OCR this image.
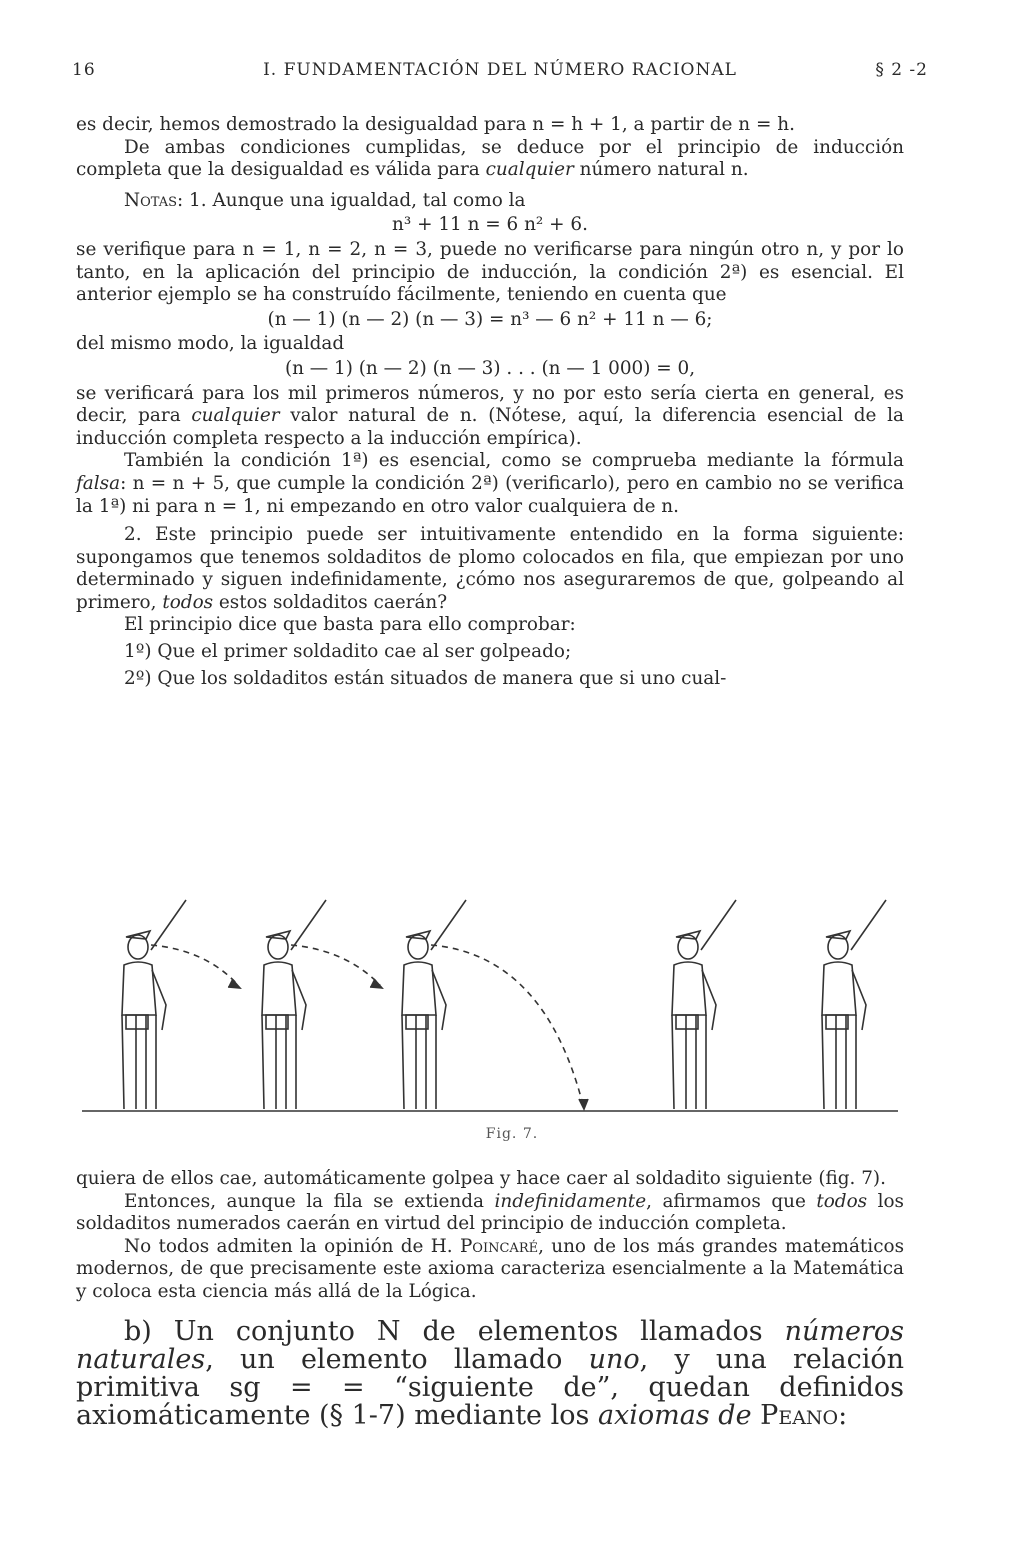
16	I. FUNDAMENTACIÓN DEL NÚMERO RACIONAL	§ 2 -2

es decir, hemos demostrado la desigualdad para n = h + 1, a partir de n = h.

De ambas condiciones cumplidas, se deduce por el principio de inducción completa que la desigualdad es válida para cualquier número natural n.

Notas: 1. Aunque una igualdad, tal como la

n³ + 11 n = 6 n² + 6.

se verifique para n = 1, n = 2, n = 3, puede no verificarse para ningún otro n, y por lo tanto, en la aplicación del principio de inducción, la condición 2ª) es esencial. El anterior ejemplo se ha construído fácilmente, teniendo en cuenta que

(n — 1) (n — 2) (n — 3) = n³ — 6 n² + 11 n — 6;

del mismo modo, la igualdad

(n — 1) (n — 2) (n — 3) . . . (n — 1 000) = 0,

se verificará para los mil primeros números, y no por esto sería cierta en general, es decir, para cualquier valor natural de n. (Nótese, aquí, la diferencia esencial de la inducción completa respecto a la inducción empírica).

También la condición 1ª) es esencial, como se comprueba mediante la fórmula falsa: n = n + 5, que cumple la condición 2ª) (verificarlo), pero en cambio no se verifica la 1ª) ni para n = 1, ni empezando en otro valor cualquiera de n.

2. Este principio puede ser intuitivamente entendido en la forma siguiente: supongamos que tenemos soldaditos de plomo colocados en fila, que empiezan por uno determinado y siguen indefinidamente, ¿cómo nos aseguraremos de que, golpeando al primero, todos estos soldaditos caerán?

El principio dice que basta para ello comprobar:

1º) Que el primer soldadito cae al ser golpeado;

2º) Que los soldaditos están situados de manera que si uno cual-

Fig. 7.

quiera de ellos cae, automáticamente golpea y hace caer al soldadito siguiente (fig. 7).

Entonces, aunque la fila se extienda indefinidamente, afirmamos que todos los soldaditos numerados caerán en virtud del principio de inducción completa.

No todos admiten la opinión de H. Poincaré, uno de los más grandes matemáticos modernos, de que precisamente este axioma caracteriza esencialmente a la Matemática y coloca esta ciencia más allá de la Lógica.

b) Un conjunto N de elementos llamados números naturales, un elemento llamado uno, y una relación primitiva sg = = “siguiente de”, quedan definidos axiomáticamente (§ 1-7) mediante los axiomas de Peano:
